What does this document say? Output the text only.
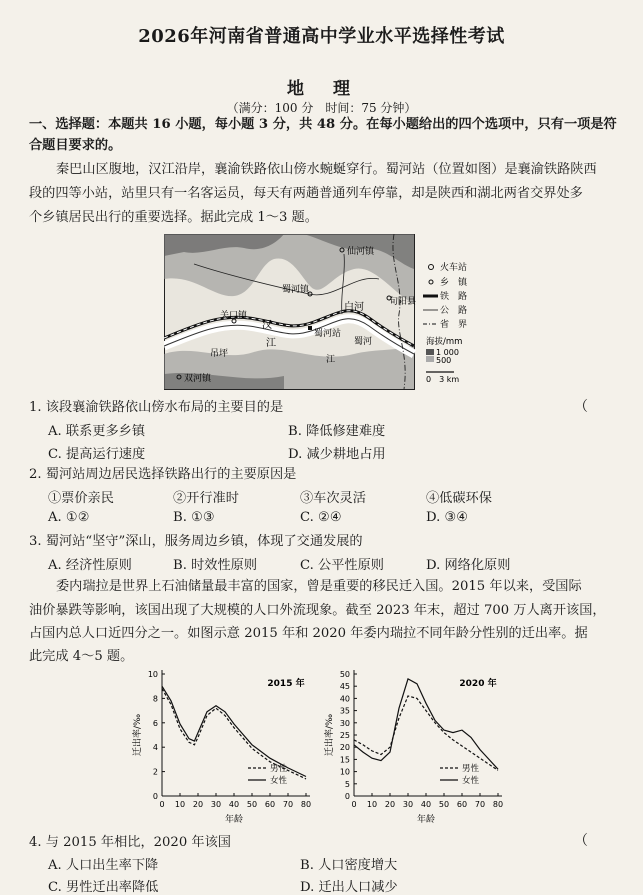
2026年河南省普通高中学业水平选择性考试
地　理
（满分：100 分　时间：75 分钟）
一、选择题：本题共 16 小题，每小题 3 分，共 48 分。在每小题给出的四个选项中，只有一项是符
合题目要求的。
秦巴山区腹地，汉江沿岸，襄渝铁路依山傍水蜿蜒穿行。蜀河站（位置如图）是襄渝铁路陕西
段的四等小站，站里只有一名客运员，每天有两趟普通列车停靠，却是陕西和湖北两省交界处多
个乡镇居民出行的重要选择。据此完成 1～3 题。
仙河镇
蜀河镇
关口镇
汉
江
蜀河站
双河镇
白河	旬阳县
吊坪
蜀河
江
火车站
乡　镇
铁　路
公　路
省　界
海拔/mm
1 000
500
0　3 km
1. 该段襄渝铁路依山傍水布局的主要目的是	（
A. 联系更多乡镇	B. 降低修建难度
C. 提高运行速度	D. 减少耕地占用
2. 蜀河站周边居民选择铁路出行的主要原因是
①票价亲民	②开行准时	③车次灵活	④低碳环保
A. ①②	B. ①③	C. ②④	D. ③④
3. 蜀河站“坚守”深山，服务周边乡镇，体现了交通发展的
A. 经济性原则	B. 时效性原则	C. 公平性原则	D. 网络化原则
委内瑞拉是世界上石油储量最丰富的国家，曾是重要的移民迁入国。2015 年以来，受国际
油价暴跌等影响，该国出现了大规模的人口外流现象。截至 2023 年末，超过 700 万人离开该国，
占国内总人口近四分之一。如图示意 2015 年和 2020 年委内瑞拉不同年龄分性别的迁出率。据
此完成 4～5 题。
0 10 20 30 40 50 60 70 80
0
2
4
6
8
10
2015 年
年龄
迁出率/‰
男性
女性
0 10 20 30 40 50 60 70 80
0
5
10
15
20
25
30
35
40
45
50
2020 年
年龄
迁出率/‰
男性
女性
4. 与 2015 年相比，2020 年该国	（
A. 人口出生率下降	B. 人口密度增大
C. 男性迁出率降低	D. 迁出人口减少
